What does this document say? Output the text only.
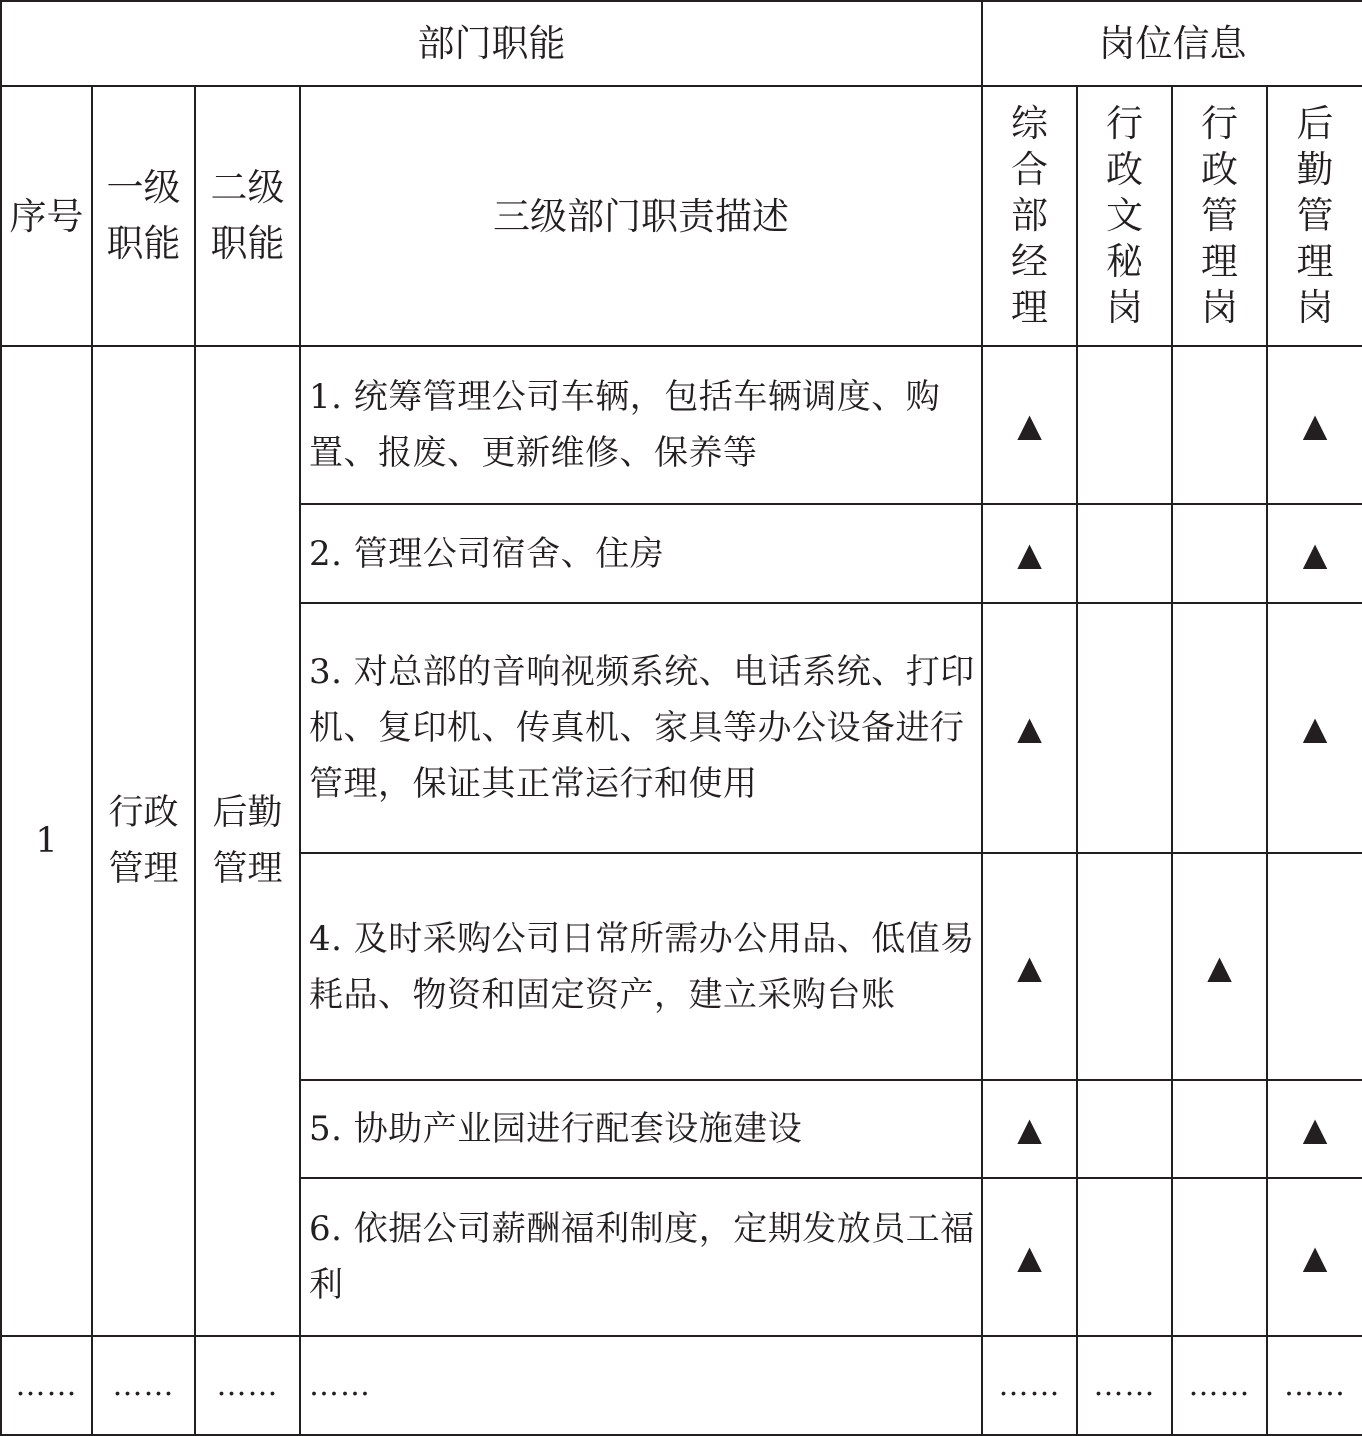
部门职能				岗位信息			
序号	一级职能	二级职能	三级部门职责描述	综合部经理	行政文秘岗	行政管理岗	后勤管理岗
1	行政管理	后勤管理	1. 统筹管理公司车辆，包括车辆调度、购置、报废、更新维修、保养等	▲			▲
			2. 管理公司宿舍、住房	▲			▲
			3. 对总部的音响视频系统、电话系统、打印机、复印机、传真机、家具等办公设备进行管理，保证其正常运行和使用	▲			▲
			4. 及时采购公司日常所需办公用品、低值易耗品、物资和固定资产，建立采购台账	▲		▲	
			5. 协助产业园进行配套设施建设	▲			▲
			6. 依据公司薪酬福利制度，定期发放员工福利	▲			▲
……	……	……	……	……	……	……	……
